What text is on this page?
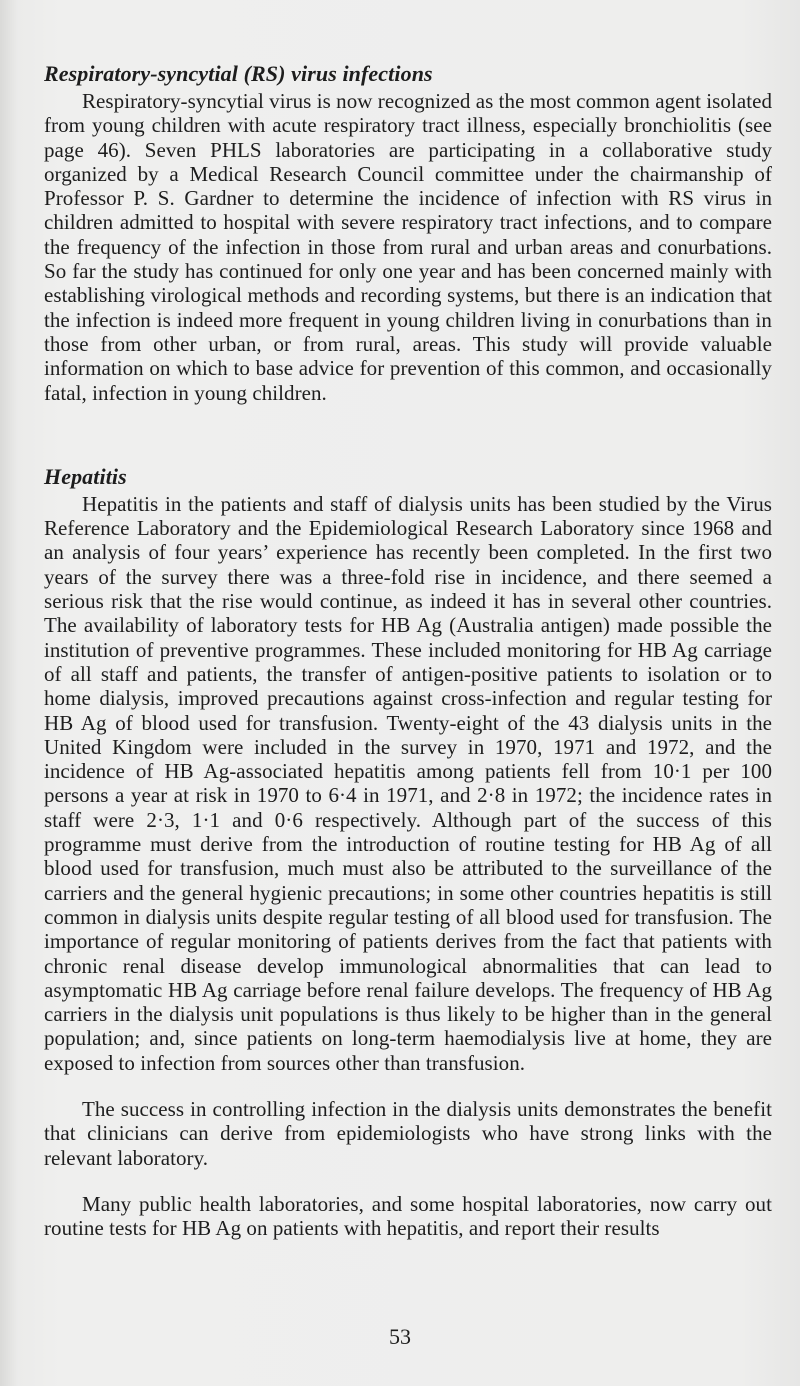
Respiratory-syncytial (RS) virus infections

Respiratory-syncytial virus is now recognized as the most common agent isolated from young children with acute respiratory tract illness, especially bronchiolitis (see page 46). Seven PHLS laboratories are participating in a collaborative study organized by a Medical Research Council committee under the chairmanship of Professor P. S. Gardner to determine the incidence of infection with RS virus in children admitted to hospital with severe respiratory tract infections, and to compare the frequency of the infection in those from rural and urban areas and conurbations. So far the study has continued for only one year and has been concerned mainly with establishing virological methods and recording systems, but there is an indication that the infection is indeed more frequent in young children living in conurbations than in those from other urban, or from rural, areas. This study will provide valuable information on which to base advice for prevention of this common, and occasionally fatal, infection in young children.

Hepatitis

Hepatitis in the patients and staff of dialysis units has been studied by the Virus Reference Laboratory and the Epidemiological Research Laboratory since 1968 and an analysis of four years’ experience has recently been completed. In the first two years of the survey there was a three-fold rise in incidence, and there seemed a serious risk that the rise would continue, as indeed it has in several other countries. The availability of laboratory tests for HB Ag (Australia antigen) made possible the institution of preventive programmes. These included monitoring for HB Ag carriage of all staff and patients, the transfer of antigen-positive patients to isolation or to home dialysis, improved precautions against cross-infection and regular testing for HB Ag of blood used for transfusion. Twenty-eight of the 43 dialysis units in the United Kingdom were included in the survey in 1970, 1971 and 1972, and the incidence of HB Ag-associated hepatitis among patients fell from 10·1 per 100 persons a year at risk in 1970 to 6·4 in 1971, and 2·8 in 1972; the incidence rates in staff were 2·3, 1·1 and 0·6 respectively. Although part of the success of this programme must derive from the introduction of routine testing for HB Ag of all blood used for transfusion, much must also be attributed to the surveillance of the carriers and the general hygienic precautions; in some other countries hepatitis is still common in dialysis units despite regular testing of all blood used for transfusion. The importance of regular monitoring of patients derives from the fact that patients with chronic renal disease develop immunological abnormalities that can lead to asymptomatic HB Ag carriage before renal failure develops. The frequency of HB Ag carriers in the dialysis unit populations is thus likely to be higher than in the general population; and, since patients on long-term haemodialysis live at home, they are exposed to infection from sources other than transfusion.

The success in controlling infection in the dialysis units demonstrates the benefit that clinicians can derive from epidemiologists who have strong links with the relevant laboratory.

Many public health laboratories, and some hospital laboratories, now carry out routine tests for HB Ag on patients with hepatitis, and report their results

53
